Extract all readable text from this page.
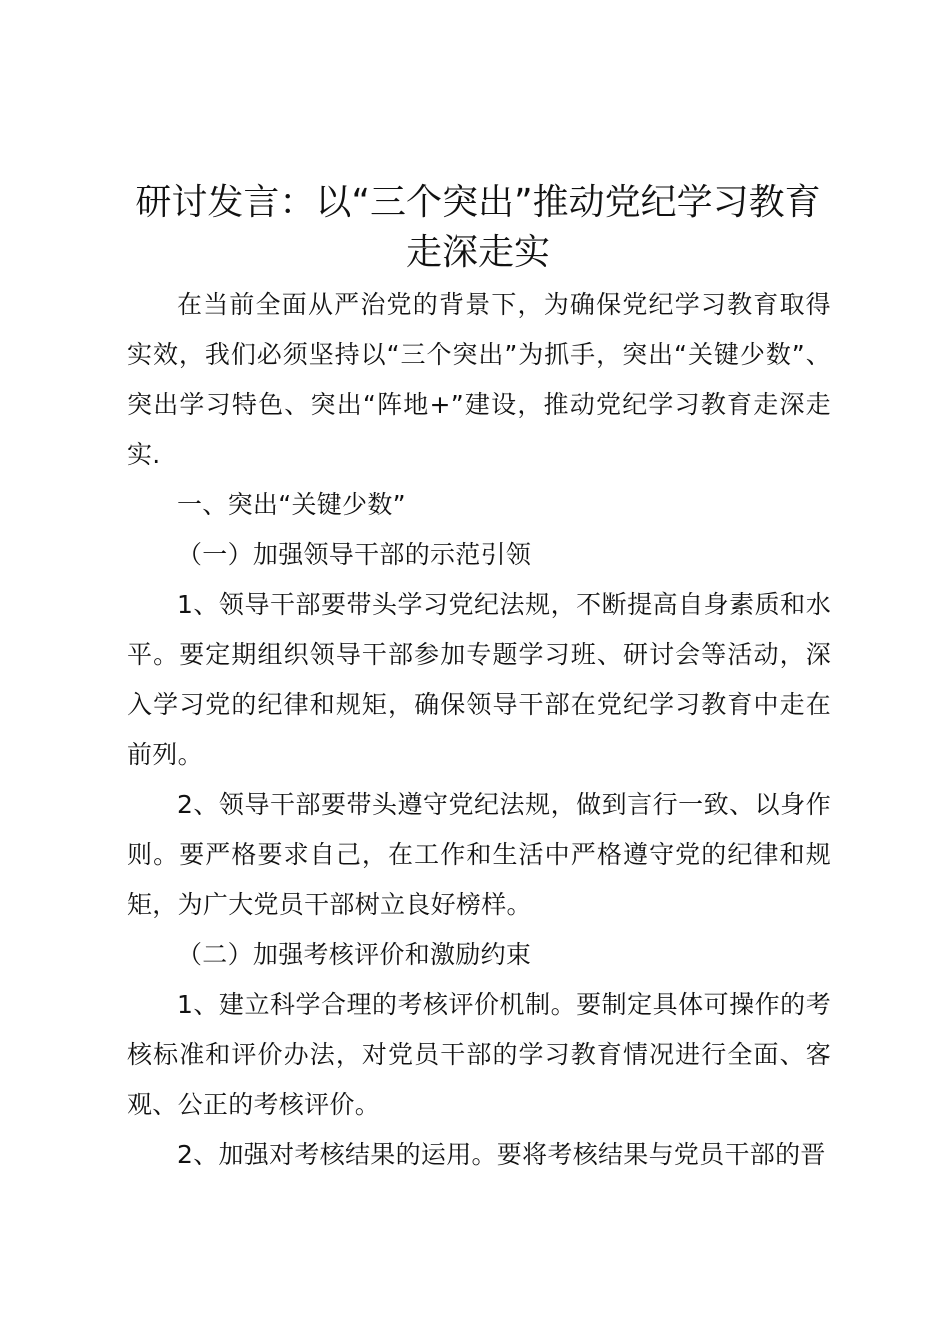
研讨发言：以“三个突出”推动党纪学习教育走深走实

在当前全面从严治党的背景下，为确保党纪学习教育取得实效，我们必须坚持以“三个突出”为抓手，突出“关键少数”、突出学习特色、突出“阵地+”建设，推动党纪学习教育走深走实.

一、突出“关键少数”

（一）加强领导干部的示范引领

1、领导干部要带头学习党纪法规，不断提高自身素质和水平。要定期组织领导干部参加专题学习班、研讨会等活动，深入学习党的纪律和规矩，确保领导干部在党纪学习教育中走在前列。

2、领导干部要带头遵守党纪法规，做到言行一致、以身作则。要严格要求自己，在工作和生活中严格遵守党的纪律和规矩，为广大党员干部树立良好榜样。

（二）加强考核评价和激励约束

1、建立科学合理的考核评价机制。要制定具体可操作的考核标准和评价办法，对党员干部的学习教育情况进行全面、客观、公正的考核评价。

2、加强对考核结果的运用。要将考核结果与党员干部的晋
